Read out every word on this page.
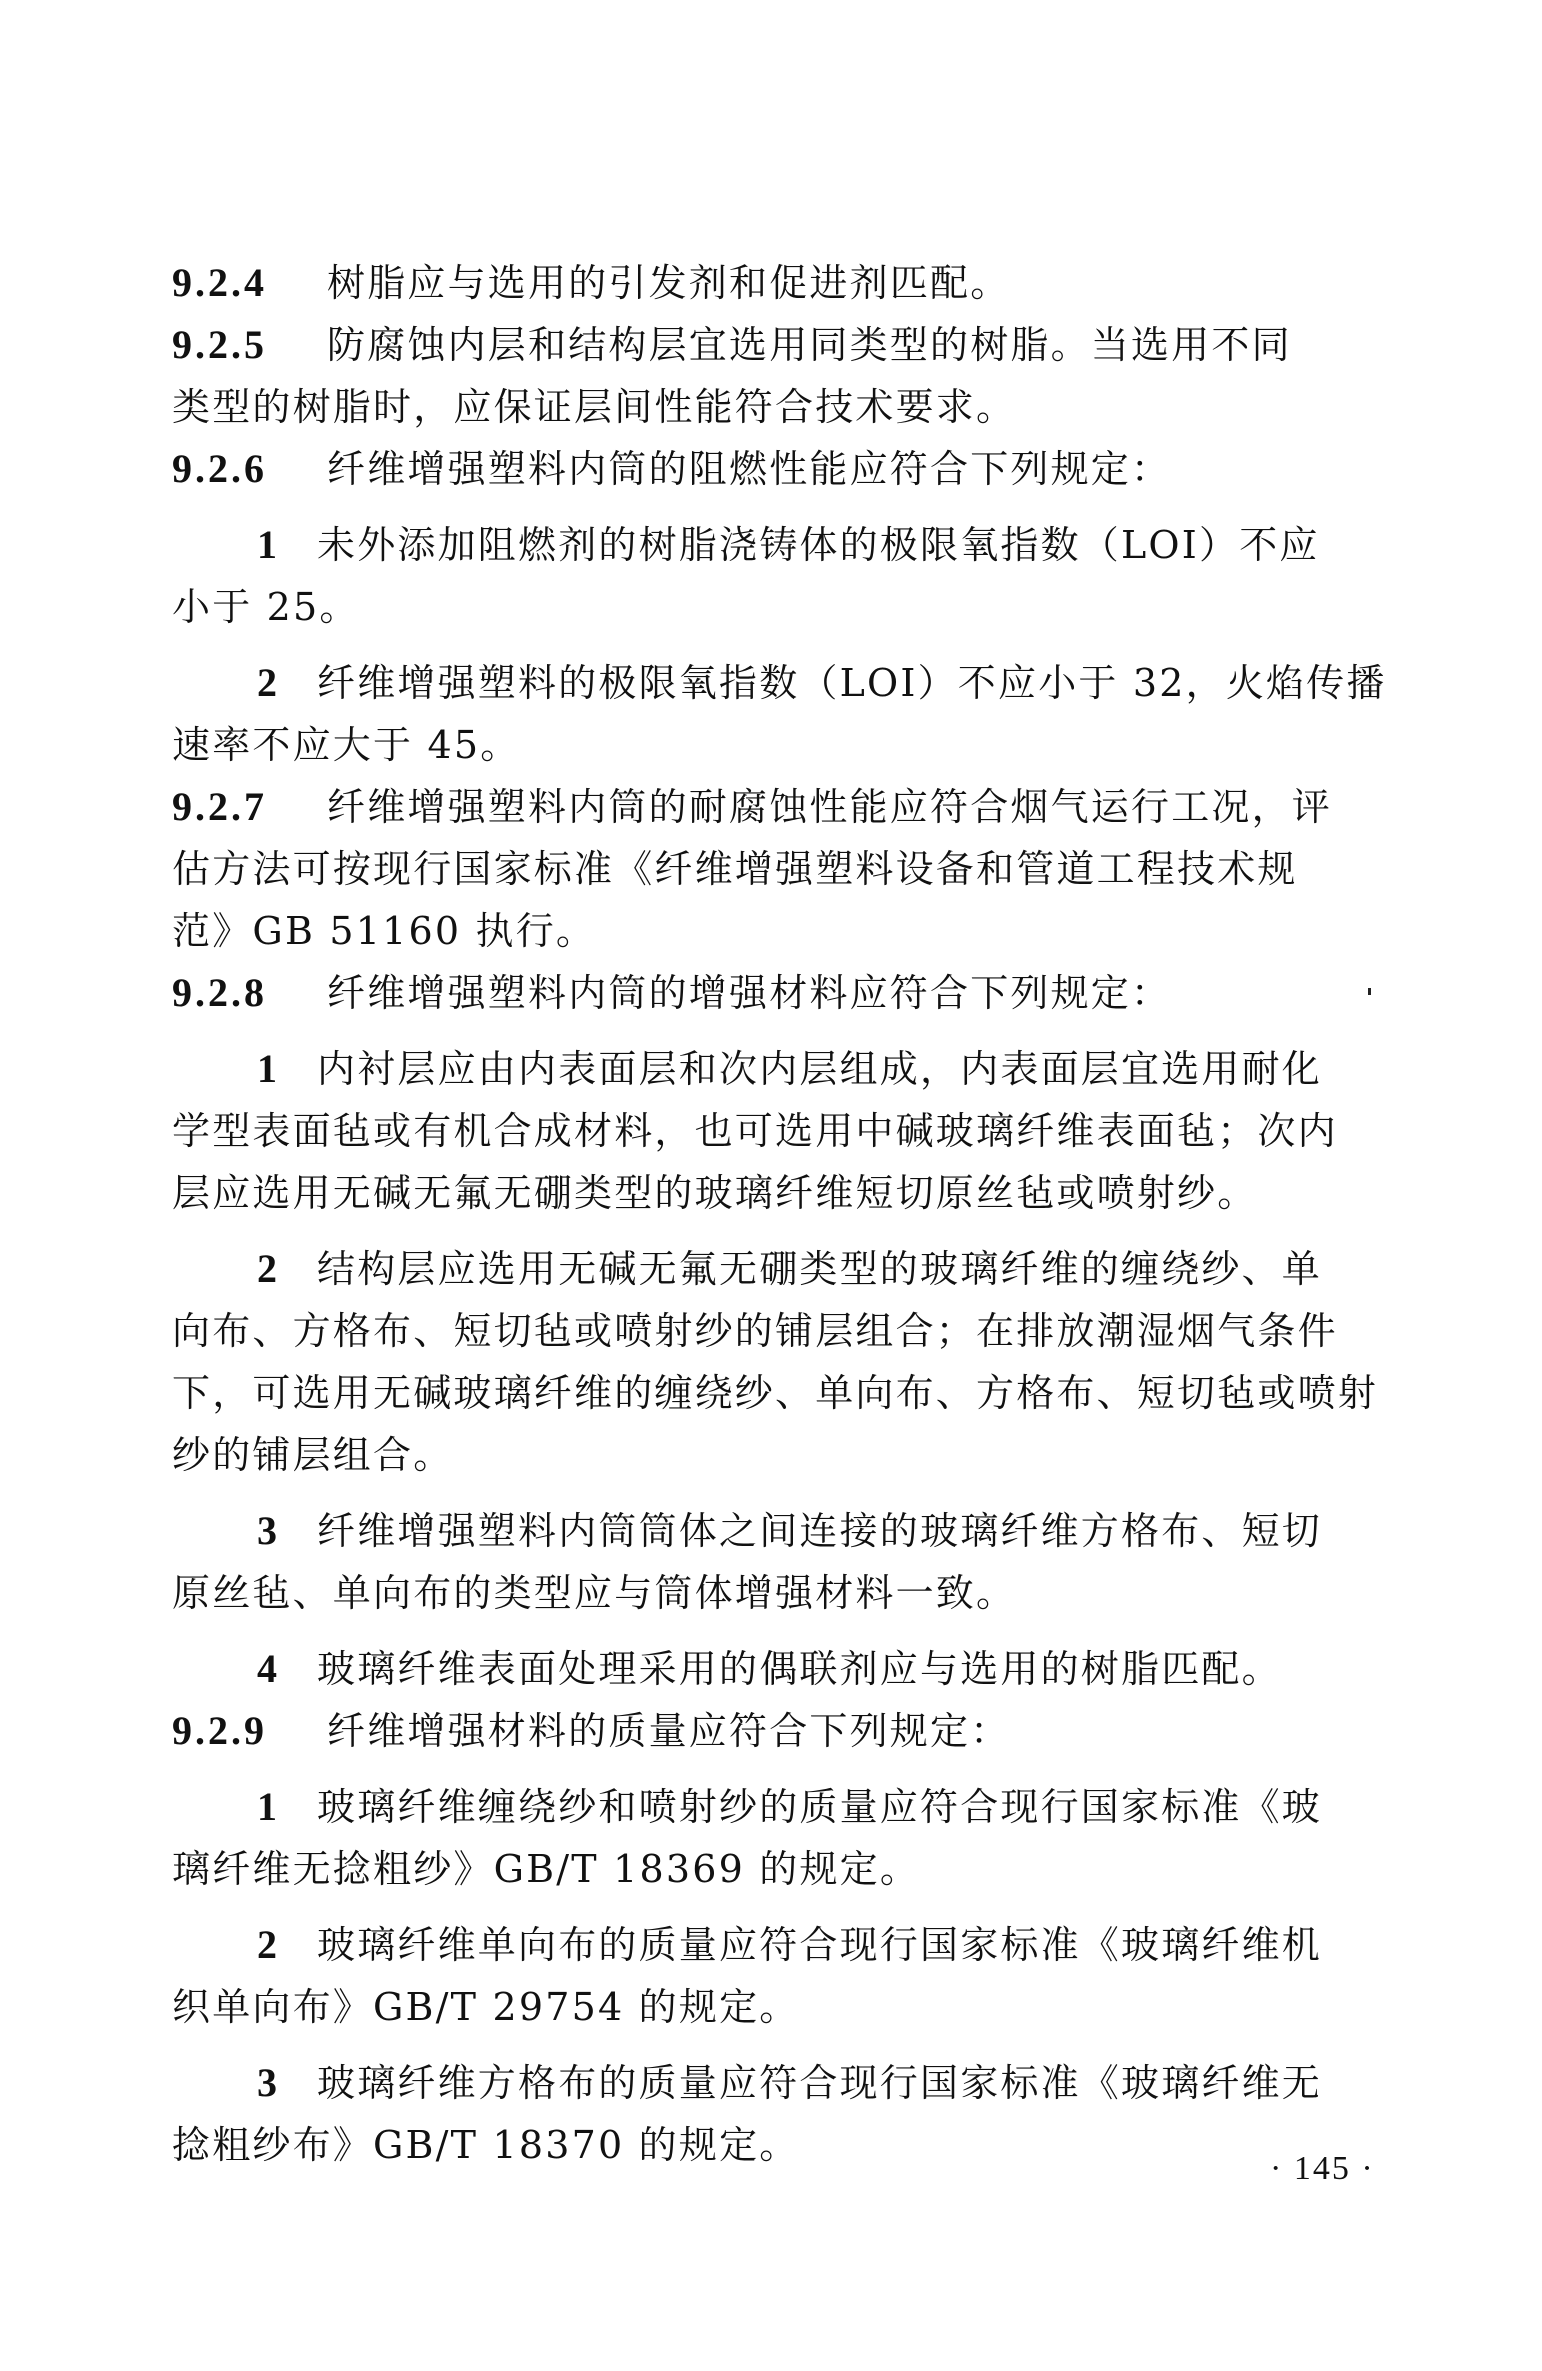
9.2.4 树脂应与选用的引发剂和促进剂匹配。
9.2.5 防腐蚀内层和结构层宜选用同类型的树脂。当选用不同
类型的树脂时，应保证层间性能符合技术要求。
9.2.6 纤维增强塑料内筒的阻燃性能应符合下列规定：
1 未外添加阻燃剂的树脂浇铸体的极限氧指数（LOI）不应
小于 25。
2 纤维增强塑料的极限氧指数（LOI）不应小于 32，火焰传播
速率不应大于 45。
9.2.7 纤维增强塑料内筒的耐腐蚀性能应符合烟气运行工况，评
估方法可按现行国家标准《纤维增强塑料设备和管道工程技术规
范》GB 51160 执行。
9.2.8 纤维增强塑料内筒的增强材料应符合下列规定：
1 内衬层应由内表面层和次内层组成，内表面层宜选用耐化
学型表面毡或有机合成材料，也可选用中碱玻璃纤维表面毡；次内
层应选用无碱无氟无硼类型的玻璃纤维短切原丝毡或喷射纱。
2 结构层应选用无碱无氟无硼类型的玻璃纤维的缠绕纱、单
向布、方格布、短切毡或喷射纱的铺层组合；在排放潮湿烟气条件
下，可选用无碱玻璃纤维的缠绕纱、单向布、方格布、短切毡或喷射
纱的铺层组合。
3 纤维增强塑料内筒筒体之间连接的玻璃纤维方格布、短切
原丝毡、单向布的类型应与筒体增强材料一致。
4 玻璃纤维表面处理采用的偶联剂应与选用的树脂匹配。
9.2.9 纤维增强材料的质量应符合下列规定：
1 玻璃纤维缠绕纱和喷射纱的质量应符合现行国家标准《玻
璃纤维无捻粗纱》GB/T 18369 的规定。
2 玻璃纤维单向布的质量应符合现行国家标准《玻璃纤维机
织单向布》GB/T 29754 的规定。
3 玻璃纤维方格布的质量应符合现行国家标准《玻璃纤维无
捻粗纱布》GB/T 18370 的规定。
· 145 ·
